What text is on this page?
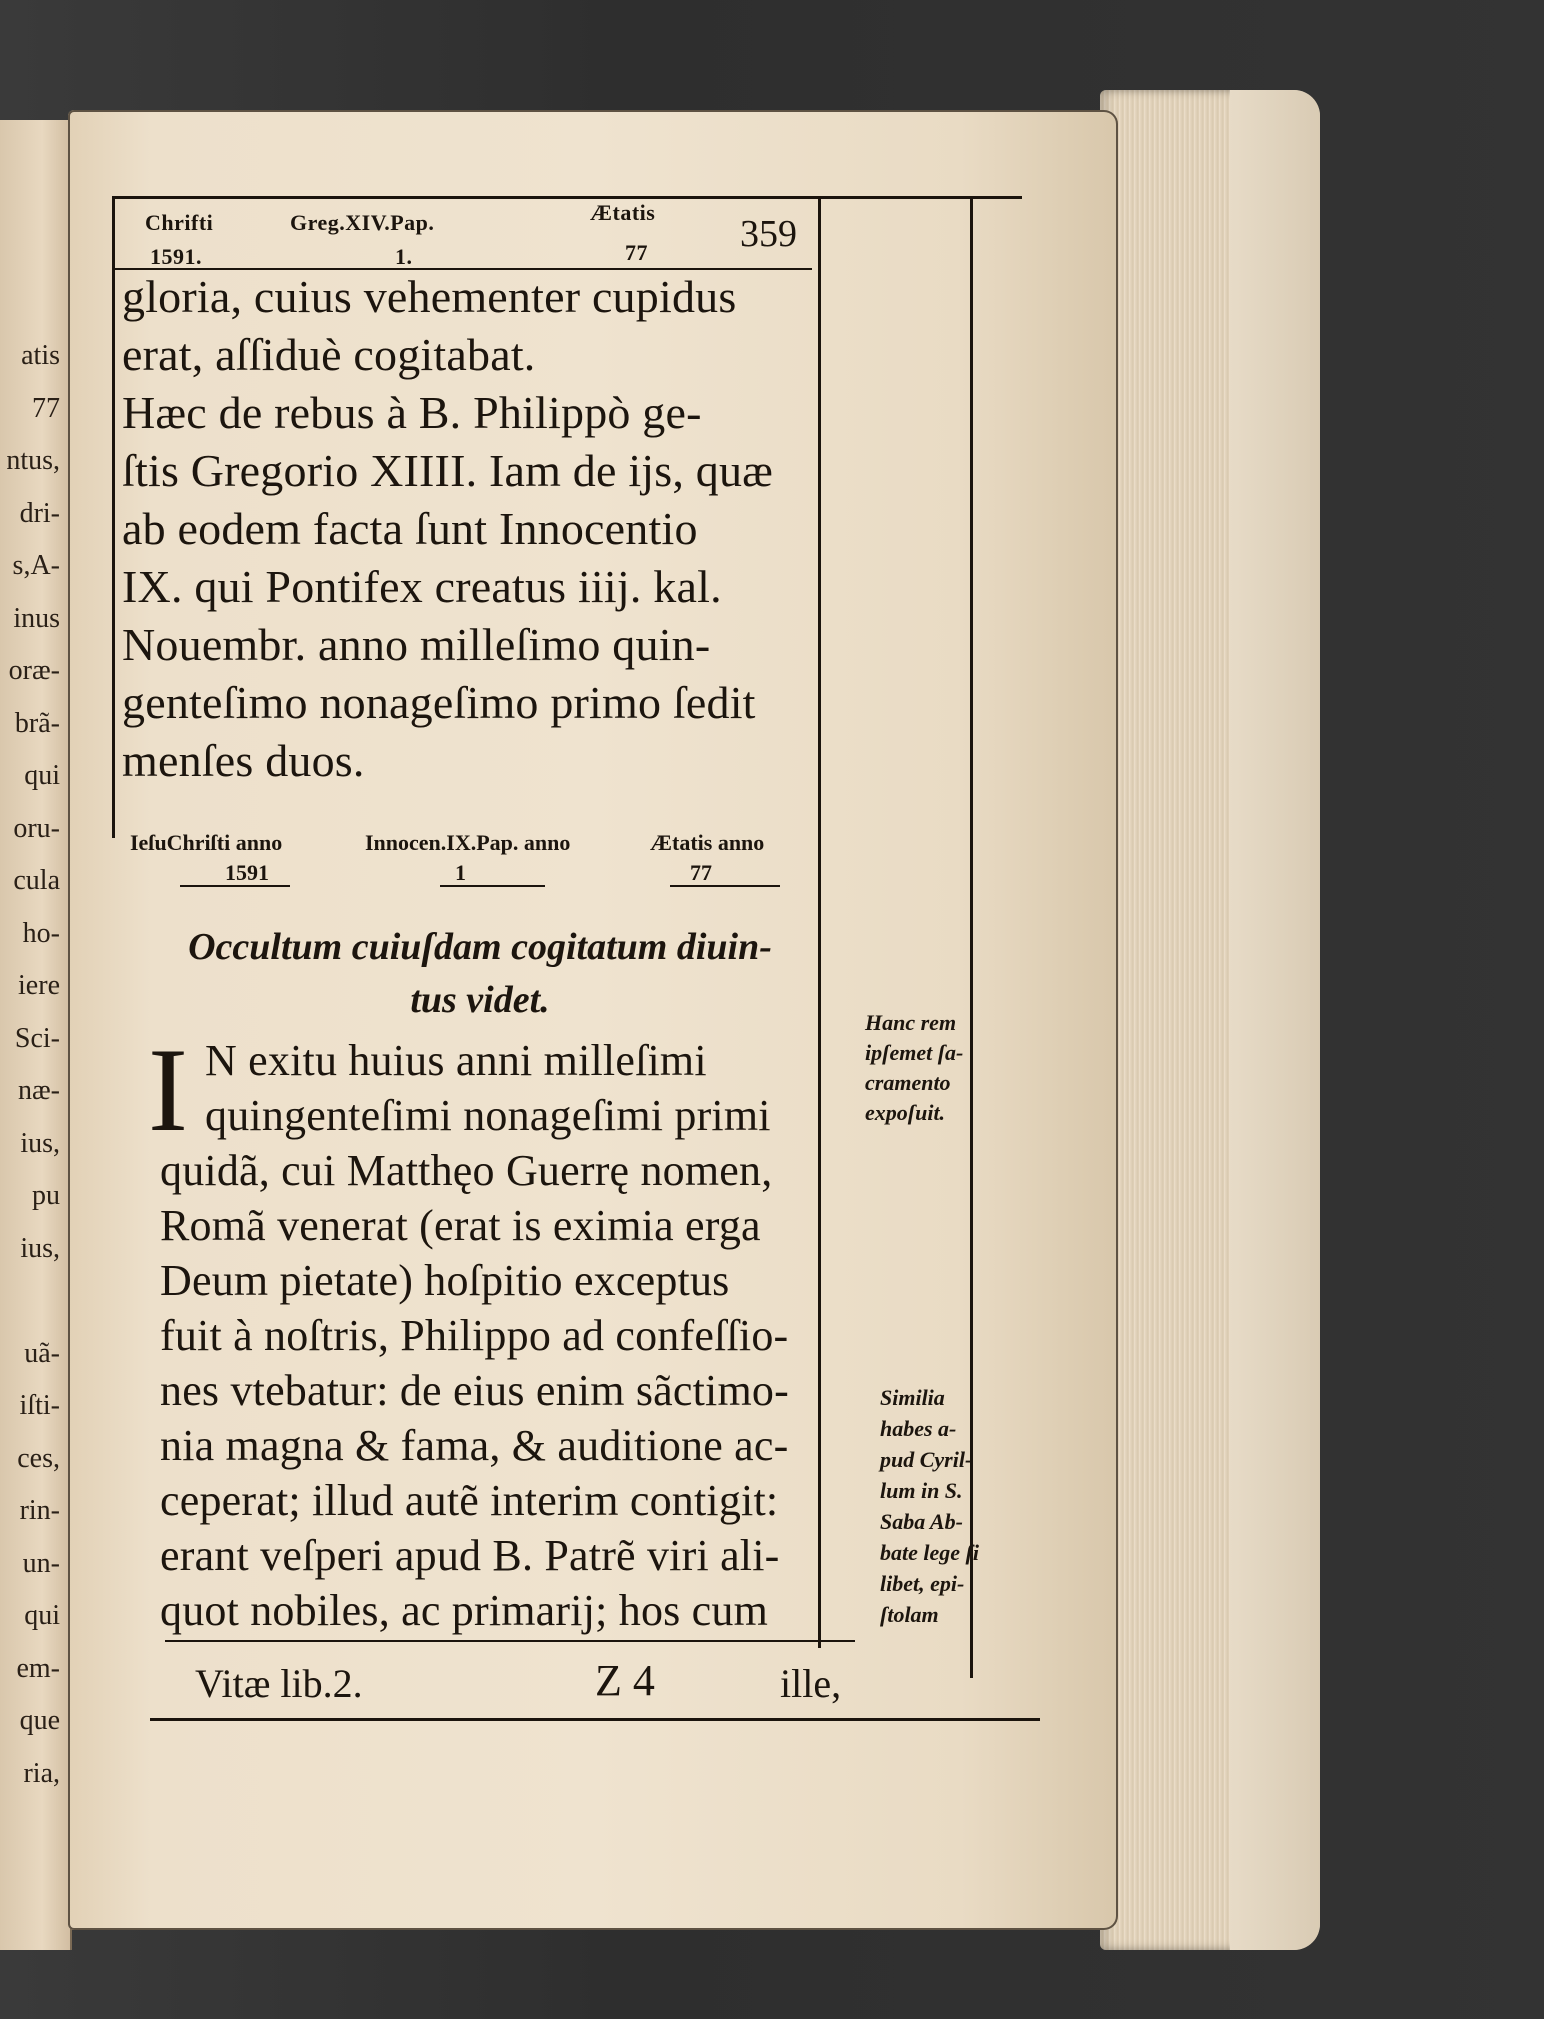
atis
77
ntus,
dri-
s,A-
inus
oræ-
brã-
qui
oru-
cula
ho-
iere
Sci-
næ-
ius,
pu
ius,
uã-
iſti-
ces,
rin-
un-
qui
em-
que
ria,
Chrifti
1591.
Greg.XIV.Pap.
1.
Ætatis
77 359
gloria, cuius vehementer cupidus
erat, aſſiduè cogitabat.
Hæc de rebus à B. Philippò ge-
ſtis Gregorio XIIII. Iam de ijs, quæ
ab eodem facta ſunt Innocentio
IX. qui Pontifex creatus iiij. kal.
Nouembr. anno milleſimo quin-
genteſimo nonageſimo primo ſedit
menſes duos.
IeſuChriſti anno
1591
Innocen.IX.Pap. anno
1
Ætatis anno
77
Occultum cuiuſdam cogitatum diuin-
tus videt.
I N exitu huius anni milleſimi
quingenteſimi nonageſimi primi
quidã, cui Matthęo Guerrę nomen,
Romã venerat (erat is eximia erga
Deum pietate) hoſpitio exceptus
fuit à noſtris, Philippo ad confeſſio-
nes vtebatur: de eius enim sãctimo-
nia magna & fama, & auditione ac-
ceperat; illud autẽ interim contigit:
erant veſperi apud B. Patrẽ viri ali-
quot nobiles, ac primarij; hos cum
Vitæ lib.2.	Z 4	ille,
Hanc rem
ipſemet ſa-
cramento
expoſuit.
Similia
habes a-
pud Cyril-
lum in S.
Saba Ab-
bate lege ſi
libet, epi-
ſtolam
